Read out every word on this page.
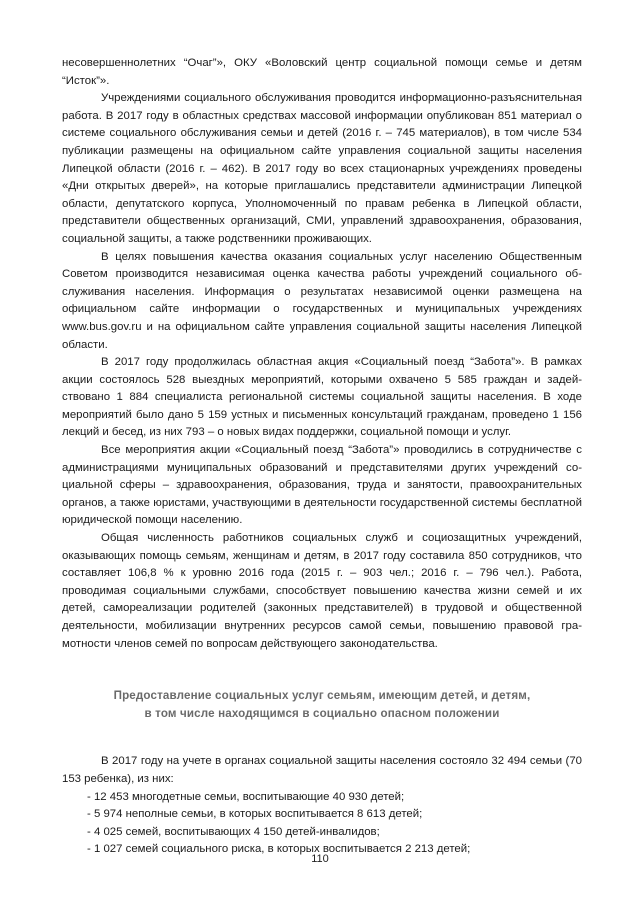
несовершеннолетних “Очаг”», ОКУ «Воловский центр социальной помощи семье и детям “Исток”».

Учреждениями социального обслуживания проводится информационно-разъяснительная работа. В 2017 году в областных средствах массовой информации опубликован 851 материал о системе социального обслуживания семьи и детей (2016 г. – 745 материалов), в том числе 534 публикации размещены на официальном сайте управления социальной защиты населения Липецкой области (2016 г. – 462). В 2017 году во всех стационарных учреждениях проведены «Дни открытых дверей», на которые приглашались представители администрации Липецкой области, депутатского корпуса, Уполномоченный по правам ребенка в Липецкой области, представители общественных организаций, СМИ, управлений здравоохранения, образования, социальной защиты, а также родственники проживающих.

В целях повышения качества оказания социальных услуг населению Общественным Советом производится независимая оценка качества работы учреждений социального обслуживания населения. Информация о результатах независимой оценки размещена на официальном сайте информации о государственных и муниципальных учреждениях www.bus.gov.ru и на официальном сайте управления социальной защиты населения Липецкой области.

В 2017 году продолжилась областная акция «Социальный поезд “Забота”». В рамках акции состоялось 528 выездных мероприятий, которыми охвачено 5 585 граждан и задействовано 1 884 специалиста региональной системы социальной защиты населения. В ходе мероприятий было дано 5 159 устных и письменных консультаций гражданам, проведено 1 156 лекций и бесед, из них 793 – о новых видах поддержки, социальной помощи и услуг.

Все мероприятия акции «Социальный поезд “Забота”» проводились в сотрудничестве с администрациями муниципальных образований и представителями других учреждений социальной сферы – здравоохранения, образования, труда и занятости, правоохранительных органов, а также юристами, участвующими в деятельности государственной системы бесплатной юридической помощи населению.

Общая численность работников социальных служб и социозащитных учреждений, оказывающих помощь семьям, женщинам и детям, в 2017 году составила 850 сотрудников, что составляет 106,8 % к уровню 2016 года (2015 г. – 903 чел.; 2016 г. – 796 чел.). Работа, проводимая социальными службами, способствует повышению качества жизни семей и их детей, самореализации родителей (законных представителей) в трудовой и общественной деятельности, мобилизации внутренних ресурсов самой семьи, повышению правовой грамотности членов семей по вопросам действующего законодательства.

Предоставление социальных услуг семьям, имеющим детей, и детям,
в том числе находящимся в социально опасном положении

В 2017 году на учете в органах социальной защиты населения состояло 32 494 семьи (70 153 ребенка), из них:

- 12 453 многодетные семьи, воспитывающие 40 930 детей;
- 5 974 неполные семьи, в которых воспитывается 8 613 детей;
- 4 025 семей, воспитывающих 4 150 детей-инвалидов;
- 1 027 семей социального риска, в которых воспитывается 2 213 детей;
110
